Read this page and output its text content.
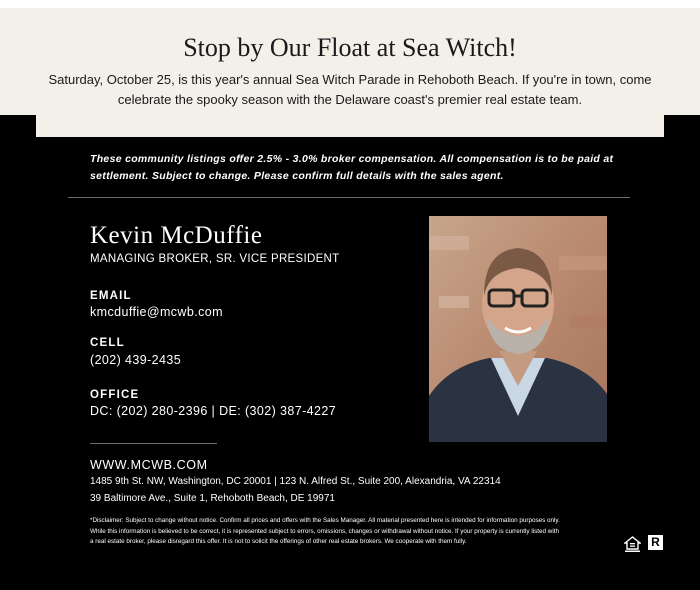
Stop by Our Float at Sea Witch!
Saturday, October 25, is this year's annual Sea Witch Parade in Rehoboth Beach. If you're in town, come celebrate the spooky season with the Delaware coast's premier real estate team.
These community listings offer 2.5% - 3.0% broker compensation. All compensation is to be paid at settlement. Subject to change. Please confirm full details with the sales agent.
Kevin McDuffie
MANAGING BROKER, SR. VICE PRESIDENT
EMAIL
kmcduffie@mcwb.com
CELL
(202) 439-2435
OFFICE
DC: (202) 280-2396 | DE: (302) 387-4227
WWW.MCWB.COM
1485 9th St. NW, Washington, DC 20001 | 123 N. Alfred St., Suite 200, Alexandria, VA 22314
39 Baltimore Ave., Suite 1, Rehoboth Beach, DE 19971
*Disclaimer: Subject to change without notice. Confirm all prices and offers with the Sales Manager. All material presented here is intended for information purposes only. While this information is believed to be correct, it is represented subject to errors, omissions, changes or withdrawal without notice. If your property is currently listed with a real estate broker, please disregard this offer. It is not to solicit the offerings of other real estate brokers. We cooperate with them fully.	R
